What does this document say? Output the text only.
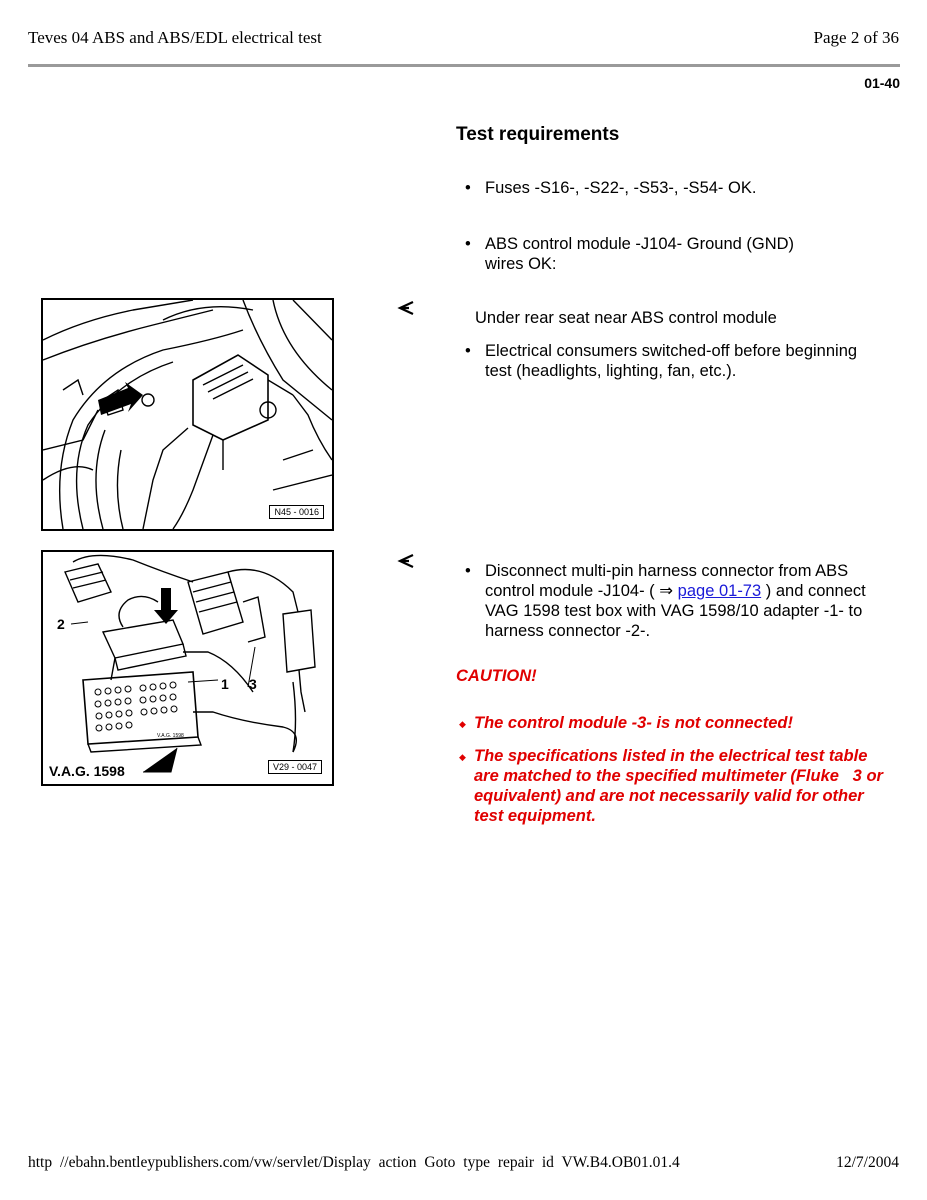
Teves 04 ABS and ABS/EDL electrical test	Page 2 of 36
01-40
Test requirements
• Fuses -S16-, -S22-, -S53-, -S54- OK.
• ABS control module -J104- Ground (GND) wires OK:
Under rear seat near ABS control module
• Electrical consumers switched-off before beginning test (headlights, lighting, fan, etc.).
N45 - 0016
• Disconnect multi-pin harness connector from ABS control module -J104- ( ⇒ page 01-73 ) and connect VAG 1598 test box with VAG 1598/10 adapter -1- to harness connector -2-.
2
1 3
V.A.G. 1598
V.A.G. 1598	V29 - 0047
CAUTION!
◆ The control module -3- is not connected!
◆ The specifications listed in the electrical test table are matched to the specified multimeter (Fluke   3 or equivalent) and are not necessarily valid for other test equipment.
http //ebahn.bentleypublishers.com/vw/servlet/Display action Goto type repair id VW.B4.OB01.01.4	12/7/2004
